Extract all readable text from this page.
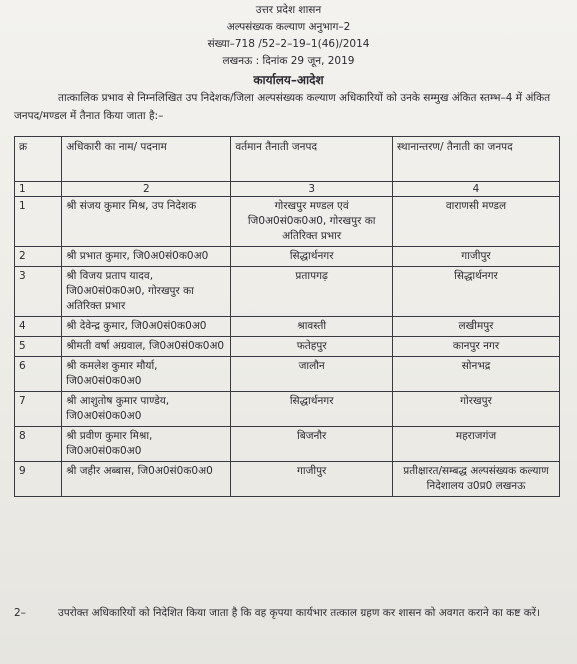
उत्तर प्रदेश शासन
अल्पसंख्यक कल्याण अनुभाग–2
संख्या–718 /52–2–19–1(46)/2014
लखनऊ : दिनांक 29 जून, 2019
कार्यालय–आदेश
तात्कालिक प्रभाव से निम्नलिखित उप निदेशक/जिला अल्पसंख्यक कल्याण अधिकारियों को उनके सम्मुख अंकित स्तम्भ–4 में अंकित जनपद/मण्डल में तैनात किया जाता है:–
क्र	अधिकारी का नाम/ पदनाम	वर्तमान तैनाती जनपद	स्थानान्तरण/ तैनाती का जनपद
1	2	3	4
1	श्री संजय कुमार मिश्र, उप निदेशक	गोरखपुर मण्डल एवं जि0अ0सं0क0अ0, गोरखपुर का अतिरिक्त प्रभार	वाराणसी मण्डल
2	श्री प्रभात कुमार, जि0अ0सं0क0अ0	सिद्धार्थनगर	गाजीपुर
3	श्री विजय प्रताप यादव, जि0अ0सं0क0अ0, गोरखपुर का अतिरिक्त प्रभार	प्रतापगढ़	सिद्धार्थनगर
4	श्री देवेन्द्र कुमार, जि0अ0सं0क0अ0	श्रावस्ती	लखीमपुर
5	श्रीमती वर्षा अग्रवाल, जि0अ0सं0क0अ0	फतेहपुर	कानपुर नगर
6	श्री कमलेश कुमार मौर्या, जि0अ0सं0क0अ0	जालौन	सोनभद्र
7	श्री आशुतोष कुमार पाण्डेय, जि0अ0सं0क0अ0	सिद्धार्थनगर	गोरखपुर
8	श्री प्रवीण कुमार मिश्रा, जि0अ0सं0क0अ0	बिजनौर	महराजगंज
9	श्री जहीर अब्बास, जि0अ0सं0क0अ0	गाजीपुर	प्रतीक्षारत/सम्बद्ध अल्पसंख्यक कल्याण निदेशालय उ0प्र0 लखनऊ
2–	उपरोक्त अधिकारियों को निदेशित किया जाता है कि वह कृपया कार्यभार तत्काल ग्रहण कर शासन को अवगत कराने का कष्ट करें।
